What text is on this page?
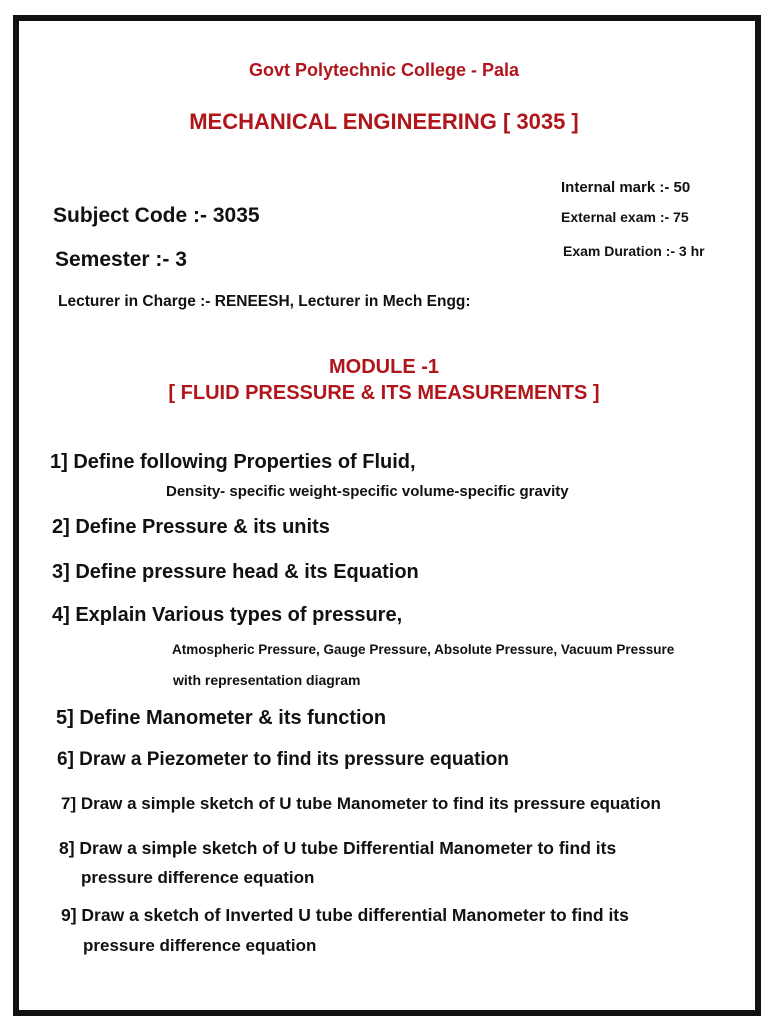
Govt Polytechnic College - Pala
MECHANICAL ENGINEERING [ 3035 ]
Internal mark :- 50
External exam :- 75
Exam Duration :- 3 hr
Subject Code :- 3035
Semester :- 3
Lecturer in Charge :- RENEESH, Lecturer in Mech Engg:
MODULE -1
[ FLUID PRESSURE & ITS MEASUREMENTS ]
1] Define following Properties of Fluid,
Density- specific weight-specific volume-specific gravity
2] Define Pressure & its units
3] Define pressure head & its Equation
4] Explain Various types of pressure,
Atmospheric Pressure, Gauge Pressure, Absolute Pressure, Vacuum Pressure
with representation diagram
5] Define Manometer & its function
6] Draw a Piezometer to find its pressure equation
7] Draw a simple sketch of U tube Manometer to find its pressure equation
8] Draw a simple sketch of U tube Differential Manometer to find its
pressure difference equation
9] Draw a sketch of Inverted U tube differential Manometer to find its
pressure difference equation
